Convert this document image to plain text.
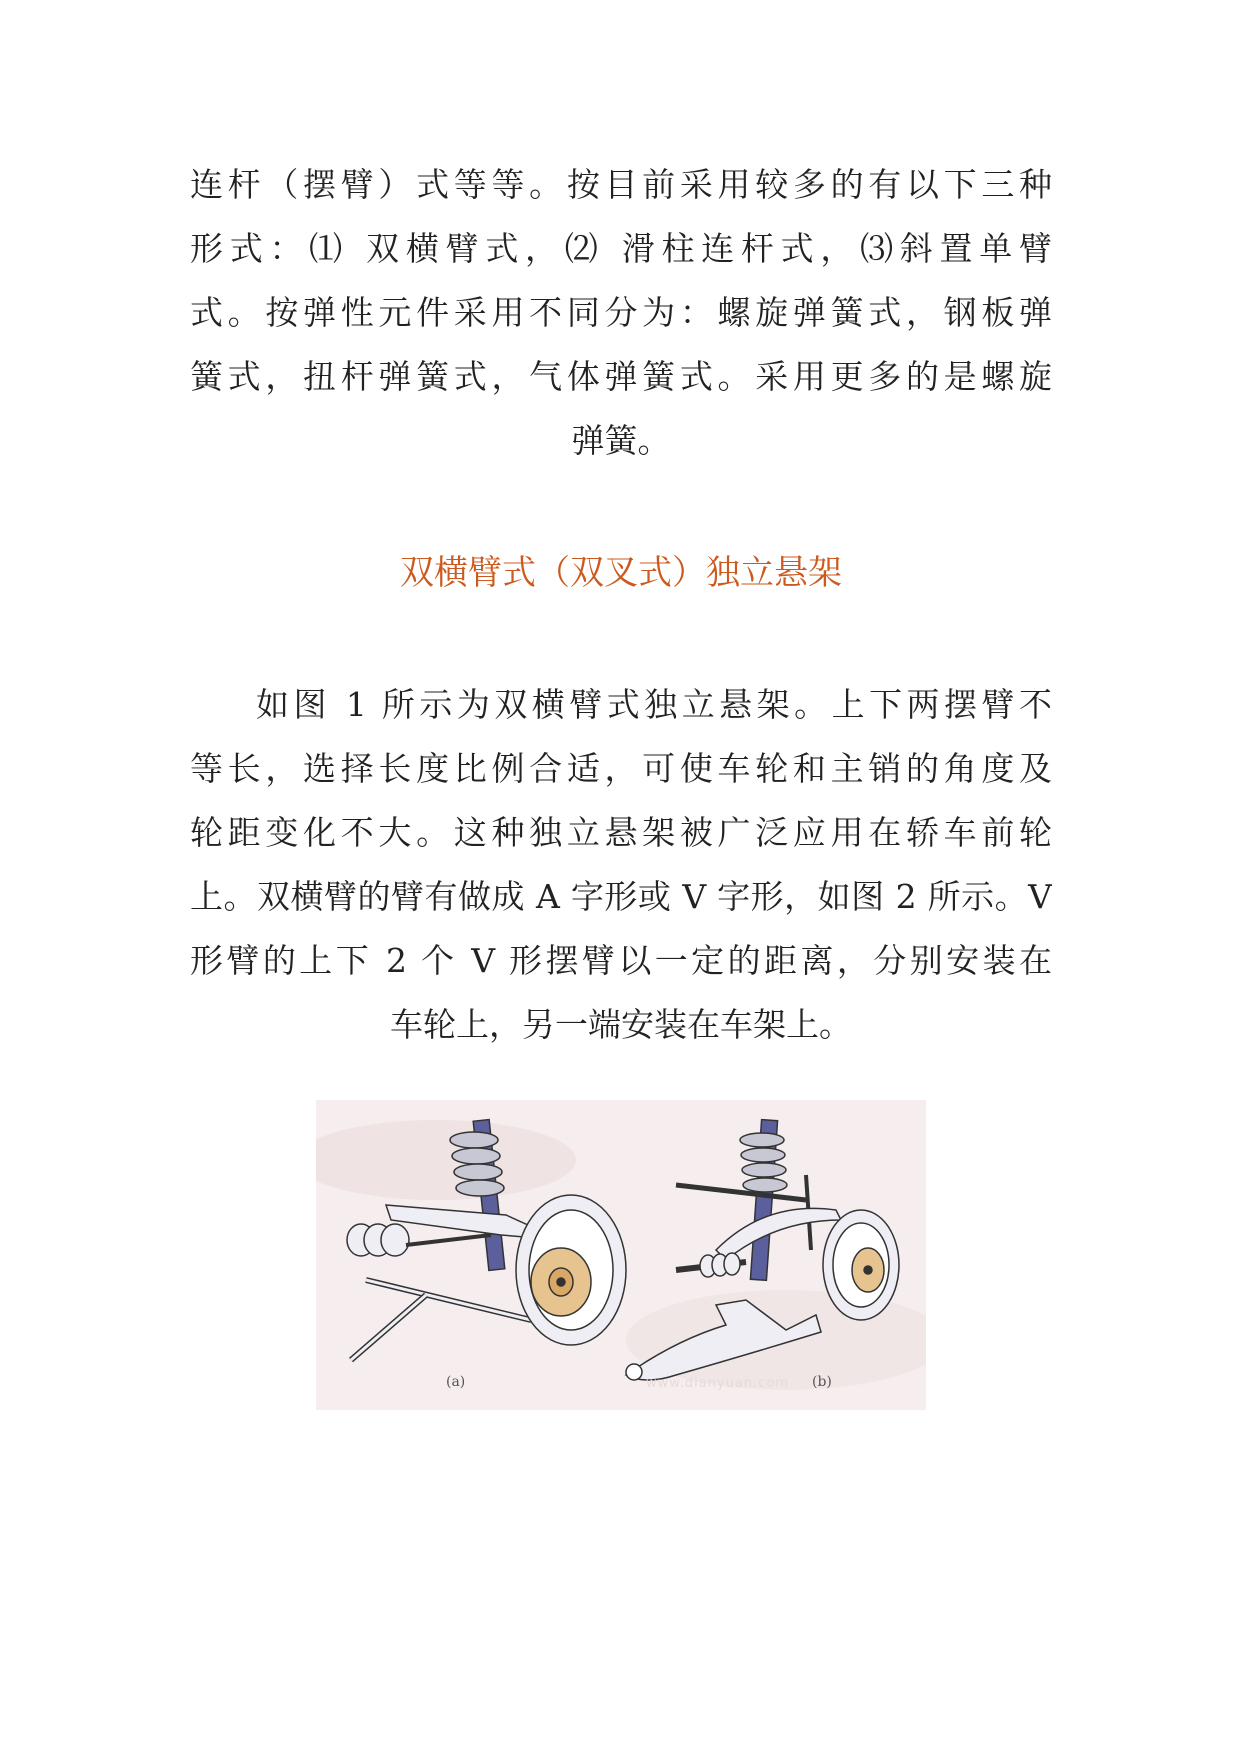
连杆（摆臂）式等等。按目前采用较多的有以下三种
形式：⑴ 双横臂式，⑵ 滑柱连杆式，⑶斜置单臂
式。按弹性元件采用不同分为：螺旋弹簧式，钢板弹
簧式，扭杆弹簧式，气体弹簧式。采用更多的是螺旋
弹簧。
双横臂式（双叉式）独立悬架
如图 1 所示为双横臂式独立悬架。上下两摆臂不
等长，选择长度比例合适，可使车轮和主销的角度及
轮距变化不大。这种独立悬架被广泛应用在轿车前轮
上。双横臂的臂有做成 A 字形或 V 字形，如图 2 所示。V
形臂的上下 2 个 V 形摆臂以一定的距离，分别安装在
车轮上，另一端安装在车架上。
(a)	(b)
www.dianyuan.com
